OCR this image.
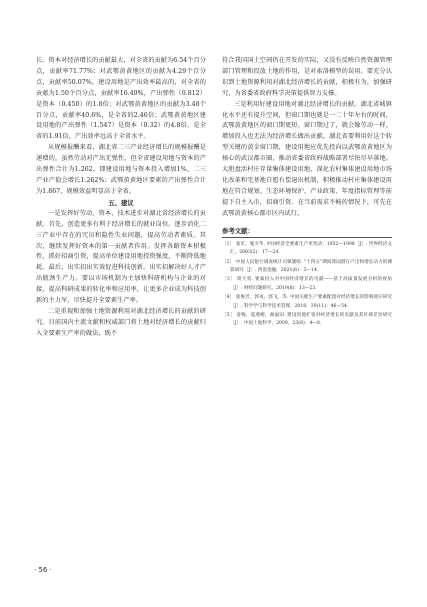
长。资本对经济增长的贡献最大，对全省的贡献为6.54个百分点，贡献率71.77%；对武鄂黄黄地区的贡献为4.29个百分点，贡献率50.07%。建设用地是产出效率最高的，对全省的贡献为1.50个百分点，贡献率16.49%，产出弹性（0.812）是资本（0.450）的1.8倍；对武鄂黄黄地区的贡献为3.48个百分点，贡献率40.6%，是全省的2.46倍；武鄂黄黄地区建设用地的产出弹性（1.547）是资本（0.32）的4.8倍，是全省的1.91倍，产出效率远高于全省水平。

从规模报酬来看，湖北省二三产业经济增长的规模报酬是递增的。虽然劳动对产出无弹性，但全省建设用地与资本的产出弹性合计为1.262，即建设用地与资本投入增加1%，二三产业产值会增长1.262%；武鄂黄黄地区要素的产出弹性合计为1.867，规模效益明显高于全省。

五、建议

一是发挥好劳动、资本、技术进步对湖北省经济增长的贡献。首先，创造更多有利于经济增长的就业岗位。逐步消化二三产业中存在的冗员和隐性失业问题，提高劳动者素质。其次，继续发挥好资本的第一贡献者作用。发挥各路资本积极性，抓好招商引资，提高单位建设用地投资强度，不断降低地耗。最后，出实招出实效促进科技创新。出实招解决好人才产出瓶颈生产力。要以市场机制为主加快科研机构与企业的对接，提高科研成果的转化率和应用率，让更多企业成为科技创新的主力军，尽快提升全要素生产率。

二是重视和加强土地资源利用对湖北经济增长的贡献的研究。目前国内主流文献和权威部门将土地对经济增长的贡献归入全要素生产率的做法，既不

符合我国国土空间仍在开发的实际，又没有反映自然资源管理部门管理和投放土地的作用，是对索洛模型的误用。要充分认识到土地资源利用对湖北经济增长的贡献，积极有为，加强研究，为省委省政府科学决策提供智力支撑。

三是利用好建设用地对湖北经济增长的贡献。湖北省城镇化水平还有提升空间，但窗口期也就是一二十年左右的时间，武鄂黄黄地区的窗口期更短。窗口期过了，就会像劳动一样，增加投入也无法为经济增长做出贡献。湖北省要利用好这个转型关键的黄金窗口期，建设用地应优先投向以武鄂黄黄地区为核心的武汉都市圈，推动省委省政府战略部署尽快尽早落地。大胆盘活村庄存量集体建设用地，深化农村集体建设用地市场化改革和宅基地自愿有偿退出机制，积极推动村庄集体建设用地在符合规划、生态环境保护、产业政策、年度指标管理等前提下自主入市，招商引资。在当前需求不畅的情况下，可先在武鄂黄黄核心都市区内试行。

参考文献：

［1］ 张军，施少华. 中国经济全要素生产率变动：1952—1998［J］. 世界经济文汇，2003(2)：17—24.

［2］ 中国人民银行调查统计司课题组. "十四五"期间我国潜在产出和增长动力的测算研究［J］. 西南金融，2021(6)：3—14.

［3］ 周天勇. 要素投入对中国经济增长的贡献——基于高质量发展分析的视角［J］. 财经问题研究，2019(8)：13—23.

［4］ 张俊芳，郭戎，郭飞，等. 中国关键生产要素配置对经济增长的影响效应研究［J］. 科学学与科学技术管理，2018，39(11)：46—54.

［5］ 姜梅，夏燕榕，曲福田. 建设用地扩张对经济增长的贡献及其区域差异研究［J］. 中国土地科学，2009，23(8)：4—8.

· 56 ·
